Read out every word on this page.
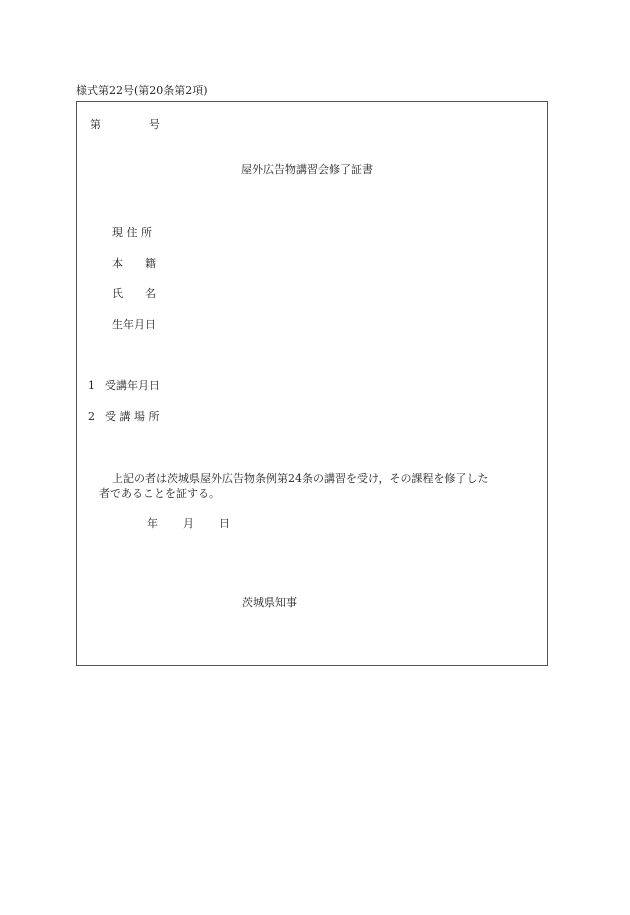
様式第22号(第20条第2項)
第	号
屋外広告物講習会修了証書
現 住 所
本　　籍
氏　　名
生年月日
1 受講年月日
2 受 講 場 所
上記の者は茨城県屋外広告物条例第24条の講習を受け，その課程を修了した
者であることを証する。
年 月 日
茨城県知事
